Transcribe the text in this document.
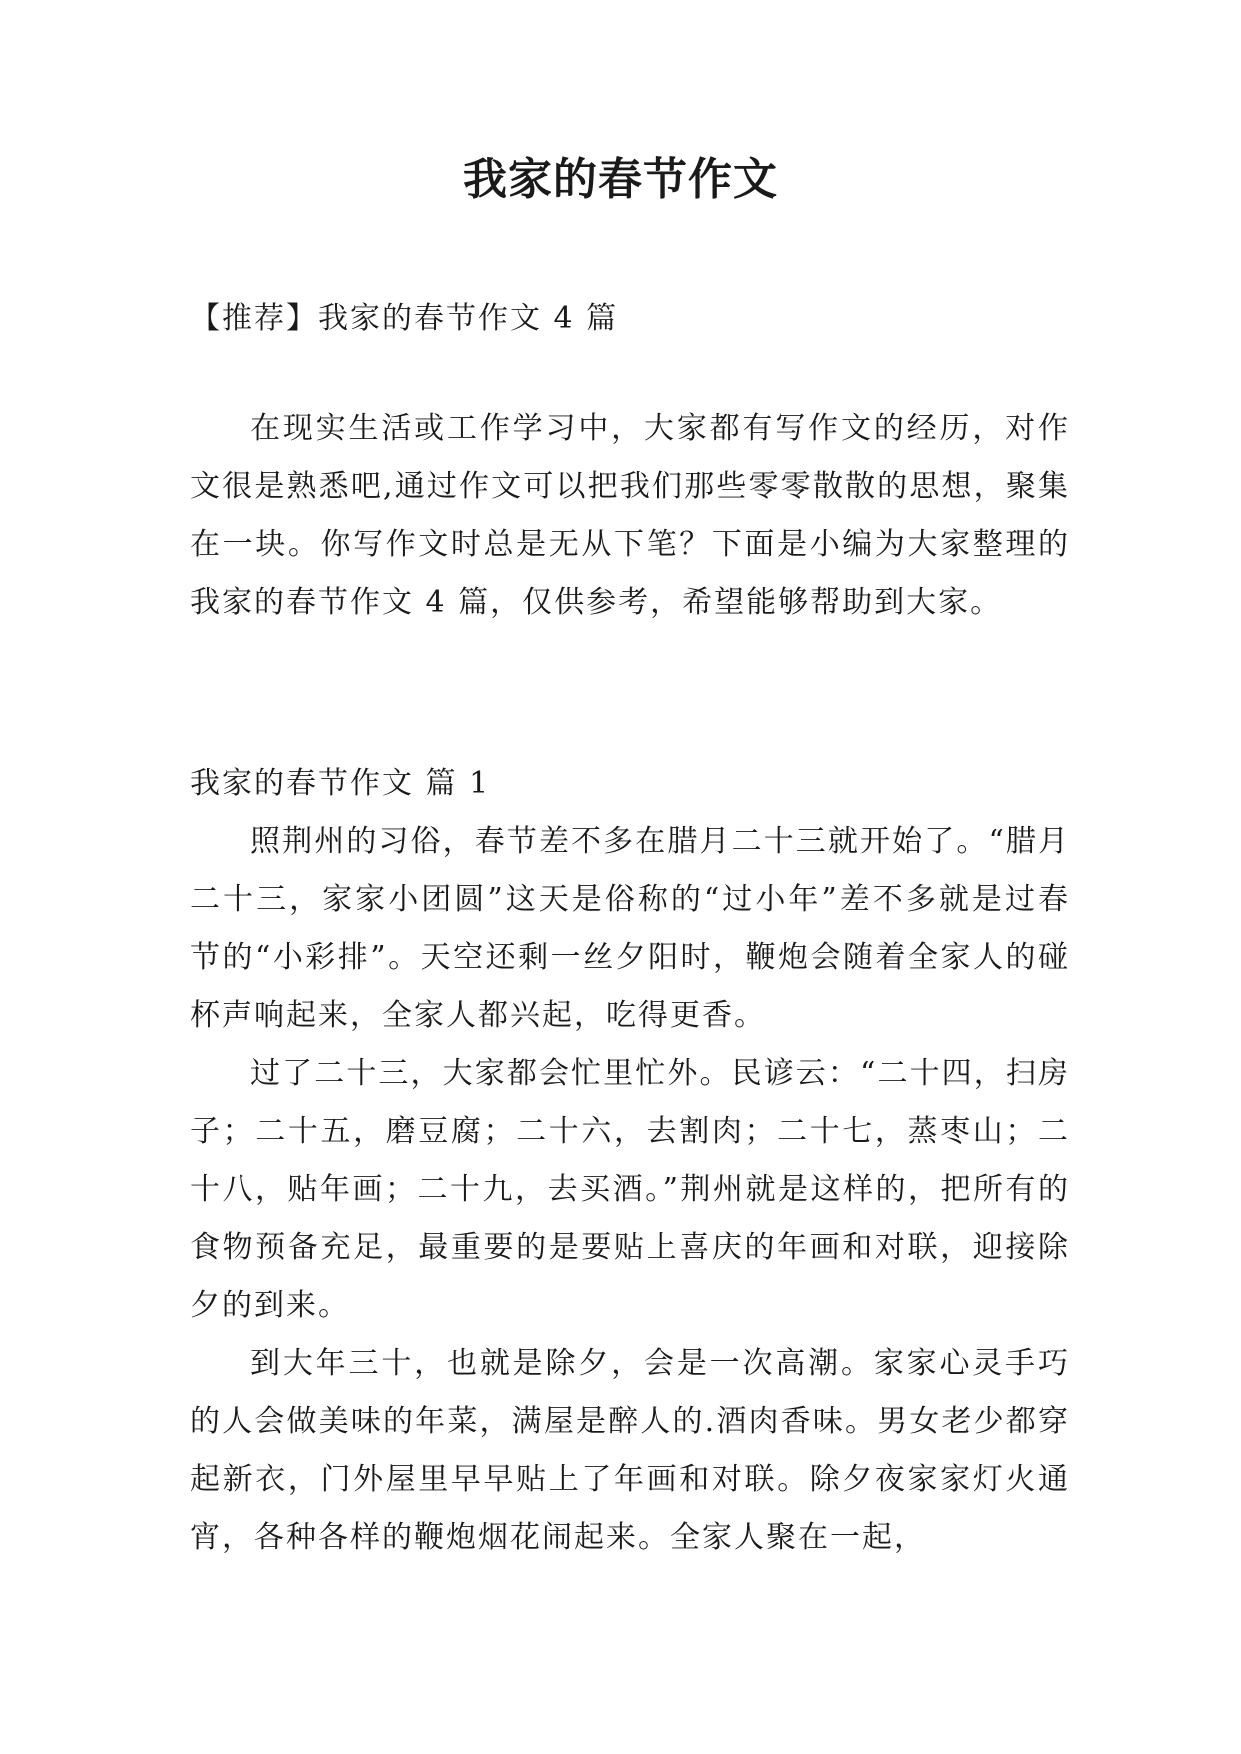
我家的春节作文
【推荐】我家的春节作文 4 篇

在现实生活或工作学习中，大家都有写作文的经历，对作文很是熟悉吧,通过作文可以把我们那些零零散散的思想，聚集在一块。你写作文时总是无从下笔？下面是小编为大家整理的我家的春节作文 4 篇，仅供参考，希望能够帮助到大家。

我家的春节作文 篇 1

照荆州的习俗，春节差不多在腊月二十三就开始了。“腊月二十三，家家小团圆”这天是俗称的“过小年”差不多就是过春节的“小彩排”。天空还剩一丝夕阳时，鞭炮会随着全家人的碰杯声响起来，全家人都兴起，吃得更香。

过了二十三，大家都会忙里忙外。民谚云：“二十四，扫房子；二十五，磨豆腐；二十六，去割肉；二十七，蒸枣山；二十八，贴年画；二十九，去买酒。”荆州就是这样的，把所有的食物预备充足，最重要的是要贴上喜庆的年画和对联，迎接除夕的到来。

到大年三十，也就是除夕，会是一次高潮。家家心灵手巧的人会做美味的年菜，满屋是醉人的.酒肉香味。男女老少都穿起新衣，门外屋里早早贴上了年画和对联。除夕夜家家灯火通宵，各种各样的鞭炮烟花闹起来。全家人聚在一起，
